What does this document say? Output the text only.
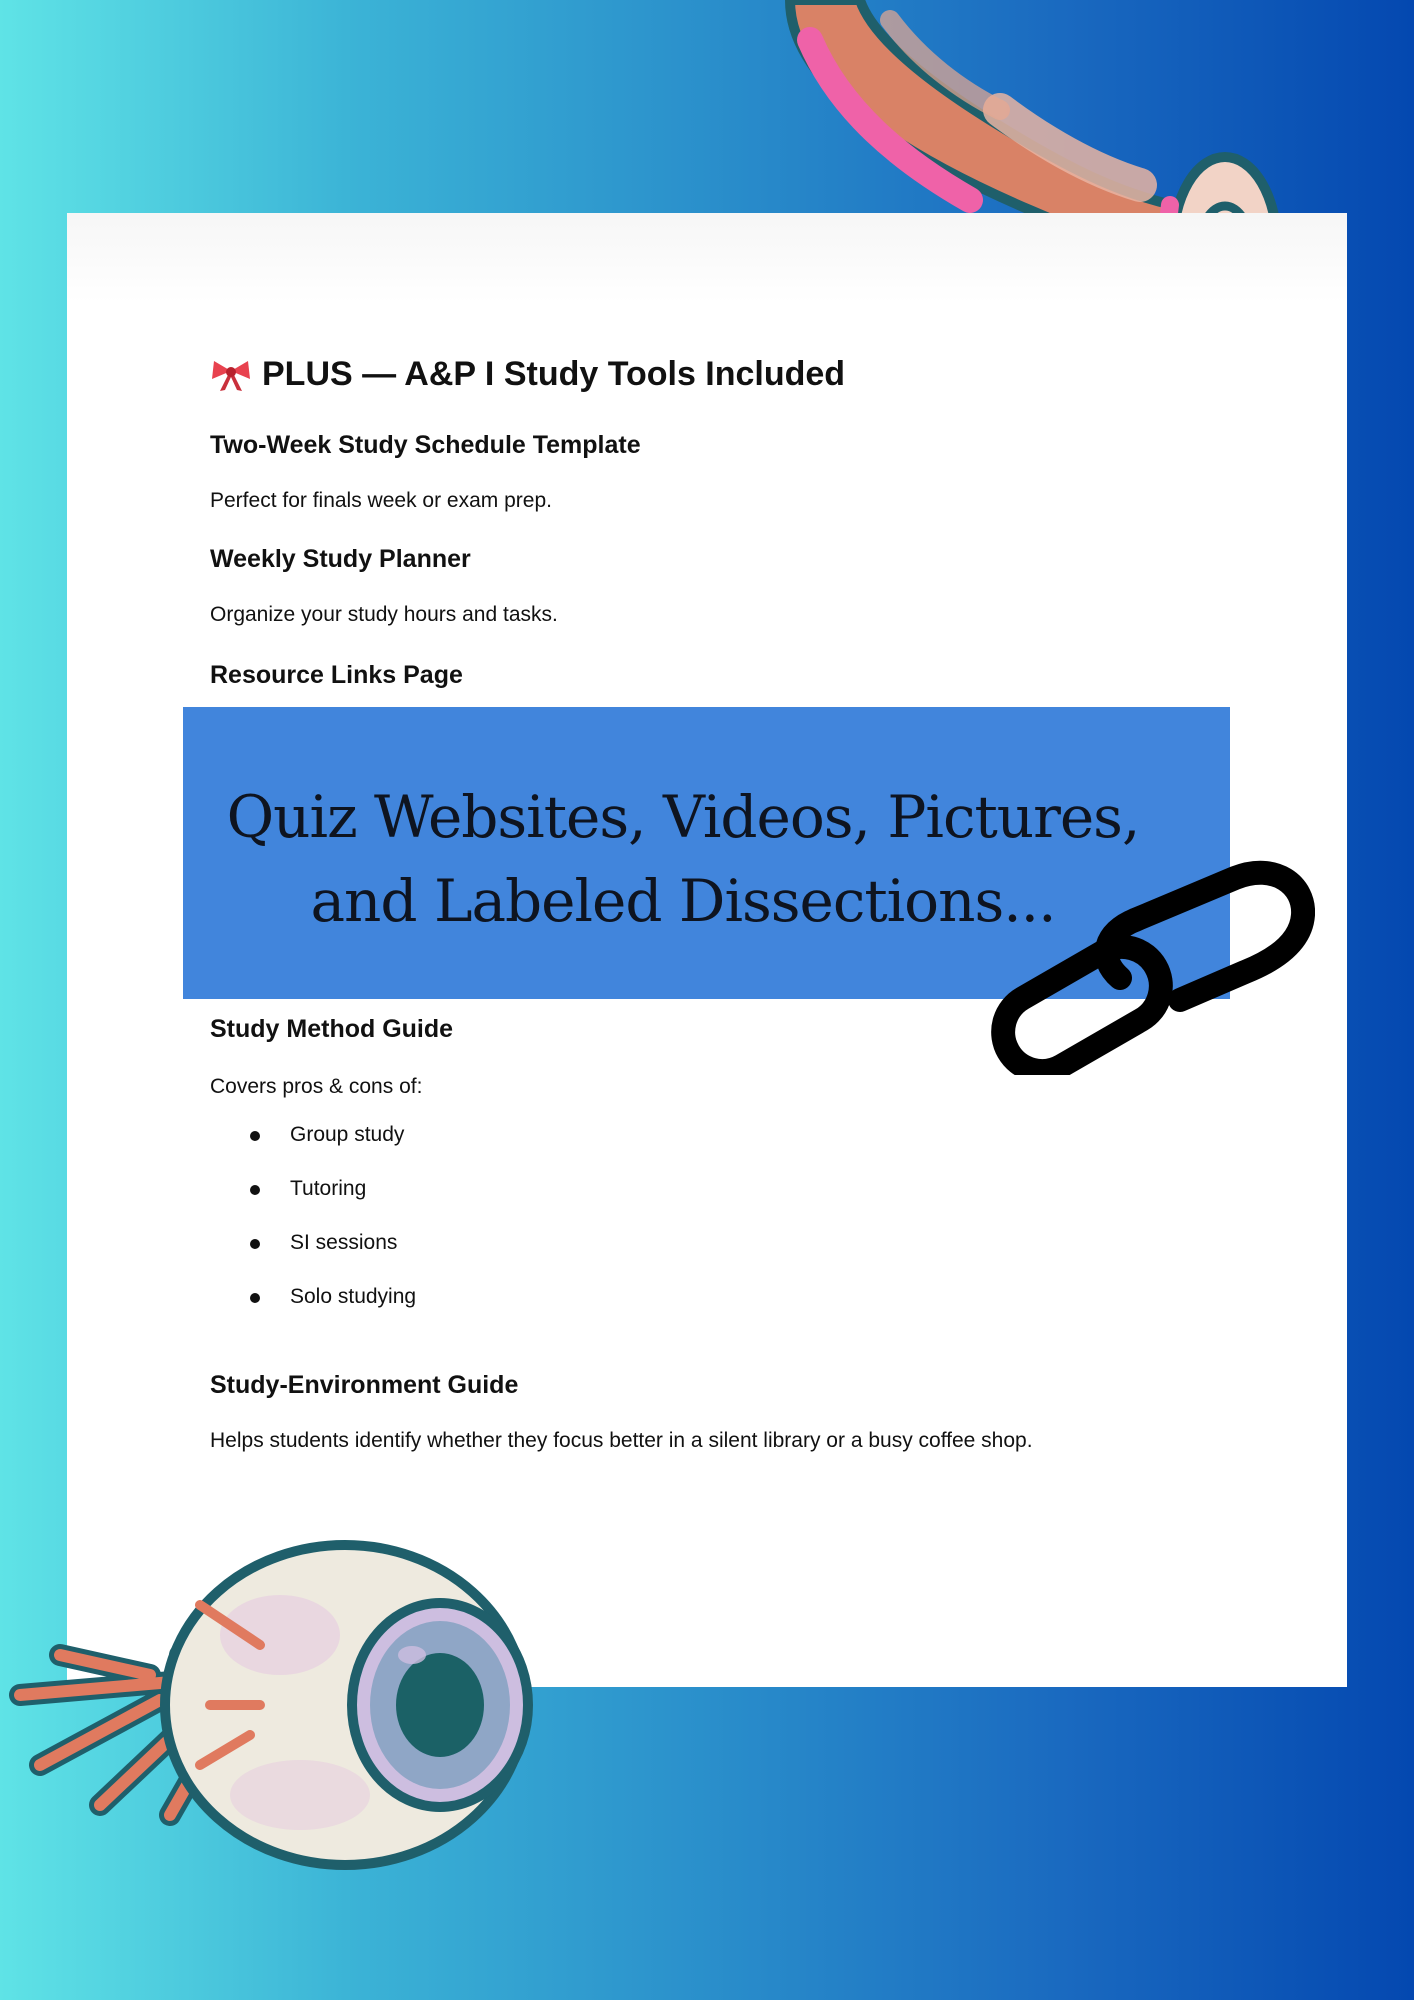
PLUS — A&P I Study Tools Included
Two-Week Study Schedule Template

Perfect for finals week or exam prep.

Weekly Study Planner

Organize your study hours and tasks.

Resource Links Page
Quiz Websites, Videos, Pictures,
and Labeled Dissections...
Study Method Guide

Covers pros & cons of:

Group study
Tutoring
SI sessions
Solo studying
Study-Environment Guide

Helps students identify whether they focus better in a silent library or a busy coffee shop.
